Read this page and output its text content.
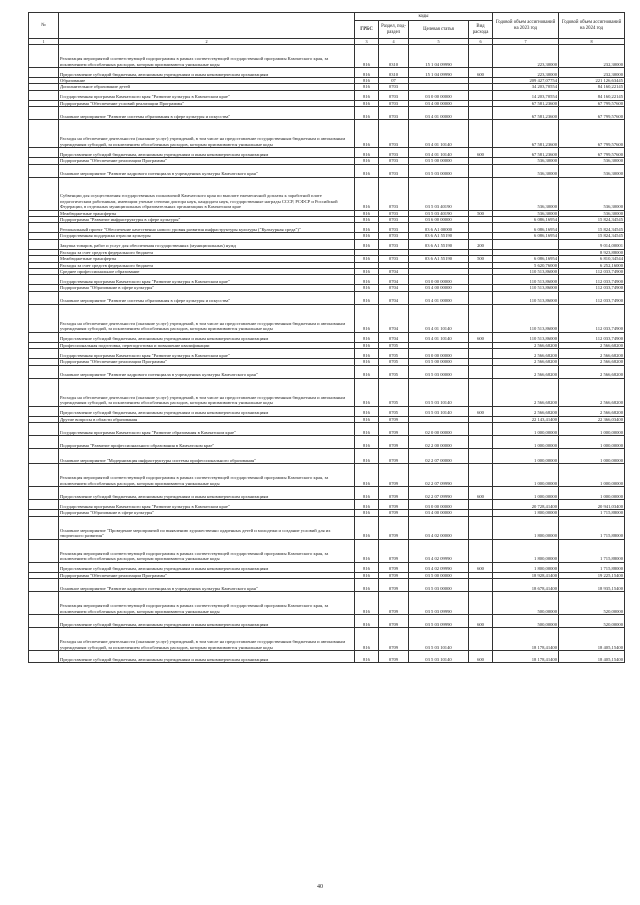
№		коды				Годовой объем ассигнований на 2023 год	Годовой объем ассигнований на 2024 год
		ГРБС	Раздел, под-раздел	Целевая статья	Вид расхода		
1	2	3	4	5	6	7	8
	Реализация мероприятий соответствующей подпрограммы в рамках соответствующей государственной программы Камчатского края, за исключением обособленных расходов, которым присваиваются уникальные коды	816	0310	15 1 04 09990		223,30000	232,30000
	Предоставление субсидий бюджетным, автономным учреждениям и иным некоммерческим организациям	816	0310	15 1 04 09990	600	223,30000	232,30000
	Образование	816	07			209 427,07754	221 126,63445
	Дополнительное образование детей	816	0703			34 203,70554	84 160,22145
	Государственная программа Камчатского края "Развитие культуры в Камчатском крае"	816	0703	03 0 00 00000		14 203,70554	84 160,22145
	Подпрограмма "Обеспечение условий реализации Программы"	816	0703	03 4 00 00000		67 581,23600	67 799,57600
	Основное мероприятие "Развитие системы образования в сфере культуры и искусства"	816	0703	03 4 01 00000		67 581,23600	67 799,57600
	Расходы на обеспечение деятельности (оказание услуг) учреждений, в том числе на предоставление государственным бюджетным и автономным учреждениям субсидий, за исключением обособленных расходов, которым присваиваются уникальные коды	816	0703	03 4 01 10140		67 581,23600	67 799,57600
	Предоставление субсидий бюджетным, автономным учреждениям и иным некоммерческим организациям	816	0703	03 4 01 10140	600	67 581,23600	67 799,57600
	Подпрограмма "Обеспечение реализации Программы"	816	0703	03 5 00 00000		536,30000	536,30000
	Основное мероприятие "Развитие кадрового потенциала в учреждениях культуры Камчатского края"	816	0703	03 5 03 00000		536,30000	536,30000
	Субвенции для осуществления государственных полномочий Камчатского края по выплате ежемесячной доплаты к заработной плате педагогическим работникам, имеющим ученые степени доктора наук, кандидата наук, государственные награды СССР, РСФСР и Российской Федерации, в отдельных муниципальных образовательных организациях в Камчатском крае	816	0703	03 5 03 40190		536,30000	536,30000
	Межбюджетные трансферты	816	0703	03 5 03 40190	500	536,30000	536,30000
	Подпрограмма "Развитие инфраструктуры в сфере культуры"	816	0703	03 6 00 00000		6 086,16954	15 824,34545
	Региональный проект "Обеспечение качественно нового уровня развития инфраструктуры культуры ("Культурная среда")"	816	0703	03 6 A1 00000		6 086,16954	15 824,34545
	Государственная поддержка отрасли культуры	816	0703	03 6 A1 55190		6 086,16954	15 824,34545
	Закупка товаров, работ и услуг для обеспечения государственных (муниципальных) нужд	816	0703	03 6 A1 55190	200		9 014,00001
	Расходы за счет средств федерального бюджета						8 923,88000
	Межбюджетные трансферты	816	0703	03 6 A1 55190	500	6 086,16954	6 810,34544
	Расходы за счет средств федерального бюджета					5 620,76000	6 252,16000
	Среднее профессиональное образование	816	0704			110 513,86000	112 033,74900
	Государственная программа Камчатского края "Развитие культуры в Камчатском крае"	816	0704	03 0 00 00000		110 513,86000	112 033,74900
	Подпрограмма "Образование в сфере культуры"	816	0704	03 4 00 00000		110 513,86000	112 033,74900
	Основное мероприятие "Развитие системы образования в сфере культуры и искусства"	816	0704	03 4 01 00000		110 513,86000	112 033,74900
	Расходы на обеспечение деятельности (оказание услуг) учреждений, в том числе на предоставление государственным бюджетным и автономным учреждениям субсидий, за исключением обособленных расходов, которым присваиваются уникальные коды	816	0704	03 4 01 10140		110 513,86000	112 033,74900
	Предоставление субсидий бюджетным, автономным учреждениям и иным некоммерческим организациям	816	0704	03 4 01 10140	600	110 513,86000	112 033,74900
	Профессиональная подготовка, переподготовка и повышение квалификации	816	0705			2 566,68200	2 566,68200
	Государственная программа Камчатского края "Развитие культуры в Камчатском крае"	816	0705	03 0 00 00000		2 566,68200	2 566,68200
	Подпрограмма "Обеспечение реализации Программы"	816	0705	03 5 00 00000		2 566,68200	2 566,68200
	Основное мероприятие "Развитие кадрового потенциала в учреждениях культуры Камчатского края"	816	0705	03 5 03 00000		2 566,68200	2 566,68200
	Расходы на обеспечение деятельности (оказание услуг) учреждений, в том числе на предоставление государственным бюджетным и автономным учреждениям субсидий, за исключением обособленных расходов, которым присваиваются уникальные коды	816	0705	03 5 03 10140		2 566,68200	2 566,68200
	Предоставление субсидий бюджетным, автономным учреждениям и иным некоммерческим организациям	816	0705	03 5 03 10140	600	2 566,68200	2 566,68200
	Другие вопросы в области образования	816	0709			22 143,41400	22 366,03400
	Государственная программа Камчатского края "Развитие образования в Камчатском крае"	816	0709	02 0 00 00000		1 000,00000	1 000,00000
	Подпрограмма "Развитие профессионального образования в Камчатском крае"	816	0709	02 2 00 00000		1 000,00000	1 000,00000
	Основное мероприятие "Модернизация инфраструктуры системы профессионального образования"	816	0709	02 2 07 00000		1 000,00000	1 000,00000
	Реализация мероприятий соответствующей подпрограммы в рамках соответствующей государственной программы Камчатского края, за исключением обособленных расходов, которым присваиваются уникальные коды	816	0709	02 2 07 09990		1 000,00000	1 000,00000
	Предоставление субсидий бюджетным, автономным учреждениям и иным некоммерческим организациям	816	0709	02 2 07 09990	600	1 000,00000	1 000,00000
	Государственная программа Камчатского края "Развитие культуры в Камчатском крае"	816	0709	03 0 00 00000		20 728,41400	20 941,03400
	Подпрограмма "Образование в сфере культуры"	816	0709	03 4 00 00000		1 800,00000	1 715,88000
	Основное мероприятие "Проведение мероприятий по выявлению художественно одаренных детей и молодежи и создание условий для их творческого развития"	816	0709	03 4 02 00000		1 800,00000	1 715,88000
	Реализация мероприятий соответствующей подпрограммы в рамках соответствующей государственной программы Камчатского края, за исключением обособленных расходов, которым присваиваются уникальные коды	816	0709	03 4 02 09990		1 800,00000	1 715,88000
	Предоставление субсидий бюджетным, автономным учреждениям и иным некоммерческим организациям	816	0709	03 4 02 09990	600	1 800,00000	1 715,88000
	Подпрограмма "Обеспечение реализации Программы"	816	0709	03 5 00 00000		18 928,41400	19 225,15400
	Основное мероприятие "Развитие кадрового потенциала в учреждениях культуры Камчатского края"	816	0709	03 5 03 00000		18 678,41400	18 935,15400
	Реализация мероприятий соответствующей подпрограммы в рамках соответствующей государственной программы Камчатского края, за исключением обособленных расходов, которым присваиваются уникальные коды	816	0709	03 5 03 09990		500,00000	520,00000
	Предоставление субсидий бюджетным, автономным учреждениям и иным некоммерческим организациям	816	0709	03 5 03 09990	600	500,00000	520,00000
	Расходы на обеспечение деятельности (оказание услуг) учреждений, в том числе на предоставление государственным бюджетным и автономным учреждениям субсидий, за исключением обособленных расходов, которым присваиваются уникальные коды	816	0709	03 5 03 10140		18 178,41400	18 405,15400
	Предоставление субсидий бюджетным, автономным учреждениям и иным некоммерческим организациям	816	0709	03 5 03 10140	600	18 178,41400	18 405,15400
40
